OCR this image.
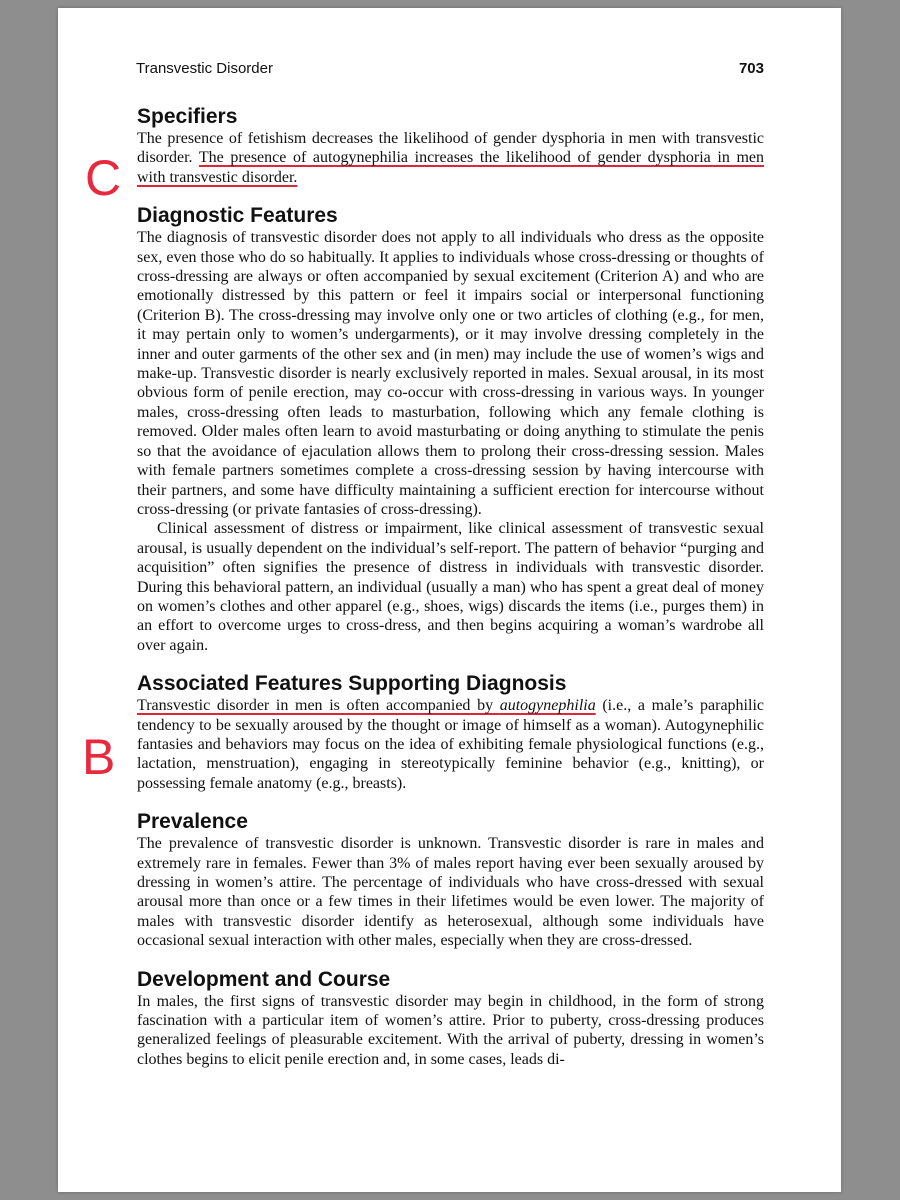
Transvestic Disorder	703
C
B
Specifiers

The presence of fetishism decreases the likelihood of gender dysphoria in men with transvestic disorder. The presence of autogynephilia increases the likelihood of gender dysphoria in men with transvestic disorder.

Diagnostic Features

The diagnosis of transvestic disorder does not apply to all individuals who dress as the opposite sex, even those who do so habitually. It applies to individuals whose cross-dressing or thoughts of cross-dressing are always or often accompanied by sexual excitement (Criterion A) and who are emotionally distressed by this pattern or feel it impairs social or interpersonal functioning (Criterion B). The cross-dressing may involve only one or two articles of clothing (e.g., for men, it may pertain only to women’s undergarments), or it may involve dressing completely in the inner and outer garments of the other sex and (in men) may include the use of women’s wigs and make-up. Transvestic disorder is nearly exclusively reported in males. Sexual arousal, in its most obvious form of penile erection, may co-occur with cross-dressing in various ways. In younger males, cross-dressing often leads to masturbation, following which any female clothing is removed. Older males often learn to avoid masturbating or doing anything to stimulate the penis so that the avoidance of ejaculation allows them to prolong their cross-dressing session. Males with female partners sometimes complete a cross-dressing session by having intercourse with their partners, and some have difficulty maintaining a sufficient erection for intercourse without cross-dressing (or private fantasies of cross-dressing).

Clinical assessment of distress or impairment, like clinical assessment of transvestic sexual arousal, is usually dependent on the individual’s self-report. The pattern of behavior “purging and acquisition” often signifies the presence of distress in individuals with transvestic disorder. During this behavioral pattern, an individual (usually a man) who has spent a great deal of money on women’s clothes and other apparel (e.g., shoes, wigs) discards the items (i.e., purges them) in an effort to overcome urges to cross-dress, and then begins acquiring a woman’s wardrobe all over again.

Associated Features Supporting Diagnosis

Transvestic disorder in men is often accompanied by autogynephilia (i.e., a male’s paraphilic tendency to be sexually aroused by the thought or image of himself as a woman). Autogynephilic fantasies and behaviors may focus on the idea of exhibiting female physiological functions (e.g., lactation, menstruation), engaging in stereotypically feminine behavior (e.g., knitting), or possessing female anatomy (e.g., breasts).

Prevalence

The prevalence of transvestic disorder is unknown. Transvestic disorder is rare in males and extremely rare in females. Fewer than 3% of males report having ever been sexually aroused by dressing in women’s attire. The percentage of individuals who have cross-dressed with sexual arousal more than once or a few times in their lifetimes would be even lower. The majority of males with transvestic disorder identify as heterosexual, although some individuals have occasional sexual interaction with other males, especially when they are cross-dressed.

Development and Course

In males, the first signs of transvestic disorder may begin in childhood, in the form of strong fascination with a particular item of women’s attire. Prior to puberty, cross-dressing produces generalized feelings of pleasurable excitement. With the arrival of puberty, dressing in women’s clothes begins to elicit penile erection and, in some cases, leads di-
